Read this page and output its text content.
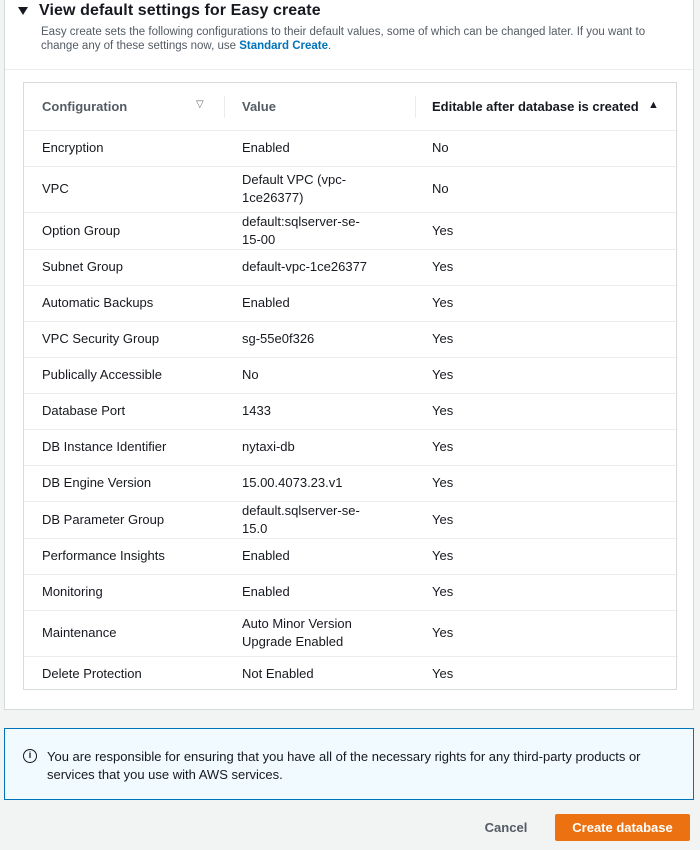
View default settings for Easy create

Easy create sets the following configurations to their default values, some of which can be changed later. If you want to change any of these settings now, use Standard Create.

Configuration ▽	Value	Editable after database is created ▲

Encryption	Enabled	No
VPC	Default VPC (vpc-1ce26377)	No
Option Group	default:sqlserver-se-15-00	Yes
Subnet Group	default-vpc-1ce26377	Yes
Automatic Backups	Enabled	Yes
VPC Security Group	sg-55e0f326	Yes
Publically Accessible	No	Yes
Database Port	1433	Yes
DB Instance Identifier	nytaxi-db	Yes
DB Engine Version	15.00.4073.23.v1	Yes
DB Parameter Group	default.sqlserver-se-15.0	Yes
Performance Insights	Enabled	Yes
Monitoring	Enabled	Yes
Maintenance	Auto Minor Version Upgrade Enabled	Yes
Delete Protection	Not Enabled	Yes
i	You are responsible for ensuring that you have all of the necessary rights for any third-party products or services that you use with AWS services.
Cancel	Create database
